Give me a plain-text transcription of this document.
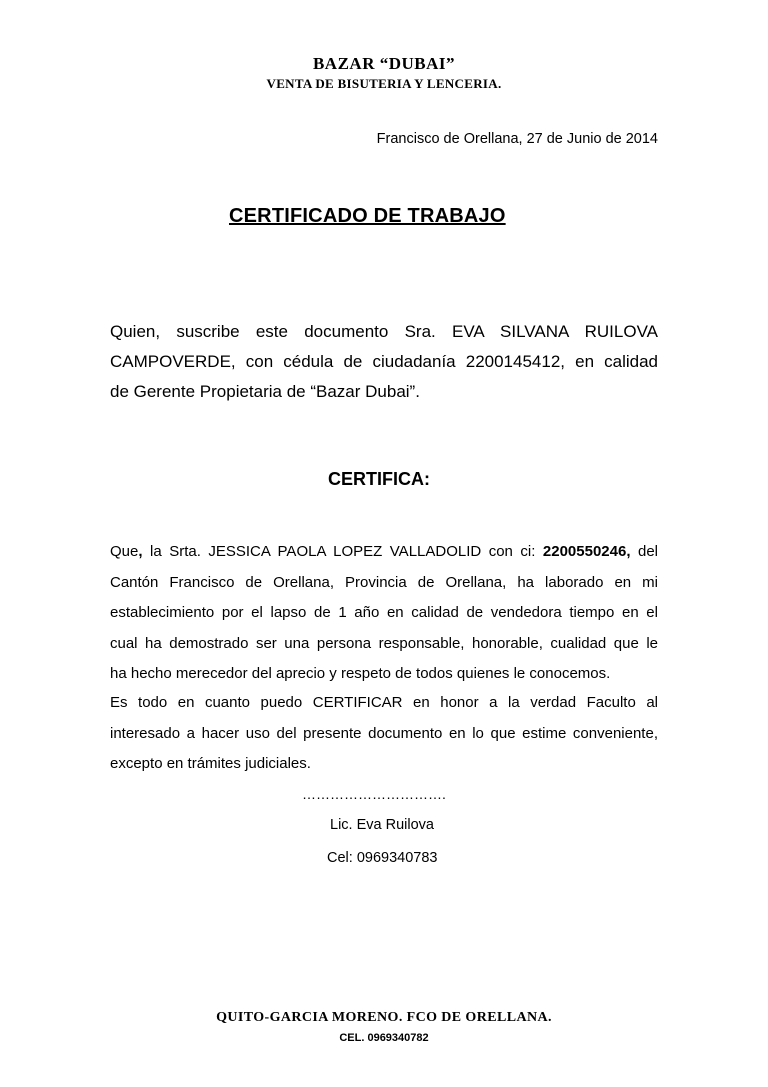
BAZAR “DUBAI”
VENTA DE BISUTERIA Y LENCERIA.
Francisco de Orellana, 27 de Junio de 2014
CERTIFICADO DE TRABAJO
Quien, suscribe este documento Sra. EVA SILVANA RUILOVA
CAMPOVERDE, con cédula de ciudadanía 2200145412, en calidad
de Gerente Propietaria de “Bazar Dubai”.
CERTIFICA:
Que, la Srta. JESSICA PAOLA LOPEZ VALLADOLID con ci: 2200550246, del
Cantón Francisco de Orellana, Provincia de Orellana, ha laborado en mi
establecimiento por el lapso de 1 año en calidad de vendedora tiempo en el
cual ha demostrado ser una persona responsable, honorable, cualidad que le
ha hecho merecedor del aprecio y respeto de todos quienes le conocemos.
Es todo en cuanto puedo CERTIFICAR en honor a la verdad Faculto al
interesado a hacer uso del presente documento en lo que estime conveniente,
excepto en trámites judiciales.
………………………….
Lic. Eva Ruilova
Cel: 0969340783
QUITO-GARCIA MORENO. FCO DE ORELLANA.
CEL. 0969340782
